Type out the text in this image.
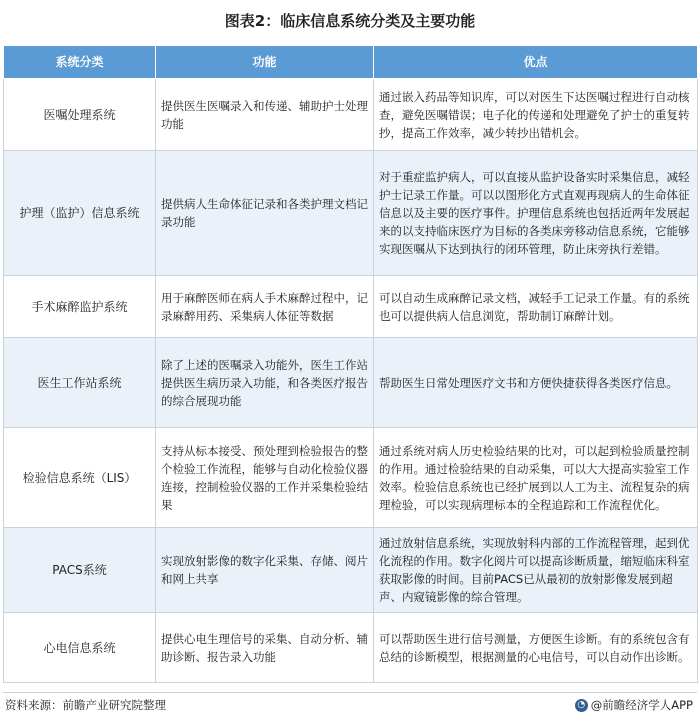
图表2：临床信息系统分类及主要功能
系统分类	功能	优点
医嘱处理系统	提供医生医嘱录入和传递、辅助护士处理功能	通过嵌入药品等知识库，可以对医生下达医嘱过程进行自动核查，避免医嘱错误；电子化的传递和处理避免了护士的重复转抄，提高工作效率，减少转抄出错机会。
护理（监护）信息系统	提供病人生命体征记录和各类护理文档记录功能	对于重症监护病人，可以直接从监护设备实时采集信息，减轻护士记录工作量。可以以图形化方式直观再现病人的生命体征信息以及主要的医疗事件。护理信息系统也包括近两年发展起来的以支持临床医疗为目标的各类床旁移动信息系统，它能够实现医嘱从下达到执行的闭环管理，防止床旁执行差错。
手术麻醉监护系统	用于麻醉医师在病人手术麻醉过程中，记录麻醉用药、采集病人体征等数据	可以自动生成麻醉记录文档，减轻手工记录工作量。有的系统也可以提供病人信息浏览，帮助制订麻醉计划。
医生工作站系统	除了上述的医嘱录入功能外，医生工作站提供医生病历录入功能，和各类医疗报告的综合展现功能	帮助医生日常处理医疗文书和方便快捷获得各类医疗信息。
检验信息系统（LIS）	支持从标本接受、预处理到检验报告的整个检验工作流程，能够与自动化检验仪器连接，控制检验仪器的工作并采集检验结果	通过系统对病人历史检验结果的比对，可以起到检验质量控制的作用。通过检验结果的自动采集，可以大大提高实验室工作效率。检验信息系统也已经扩展到以人工为主、流程复杂的病理检验，可以实现病理标本的全程追踪和工作流程优化。
PACS系统	实现放射影像的数字化采集、存储、阅片和网上共享	通过放射信息系统，实现放射科内部的工作流程管理，起到优化流程的作用。数字化阅片可以提高诊断质量，缩短临床科室获取影像的时间。目前PACS已从最初的放射影像发展到超声、内窥镜影像的综合管理。
心电信息系统	提供心电生理信号的采集、自动分析、辅助诊断、报告录入功能	可以帮助医生进行信号测量，方便医生诊断。有的系统包含有总结的诊断模型，根据测量的心电信号，可以自动作出诊断。
资料来源：前瞻产业研究院整理	◔ @前瞻经济学人APP
